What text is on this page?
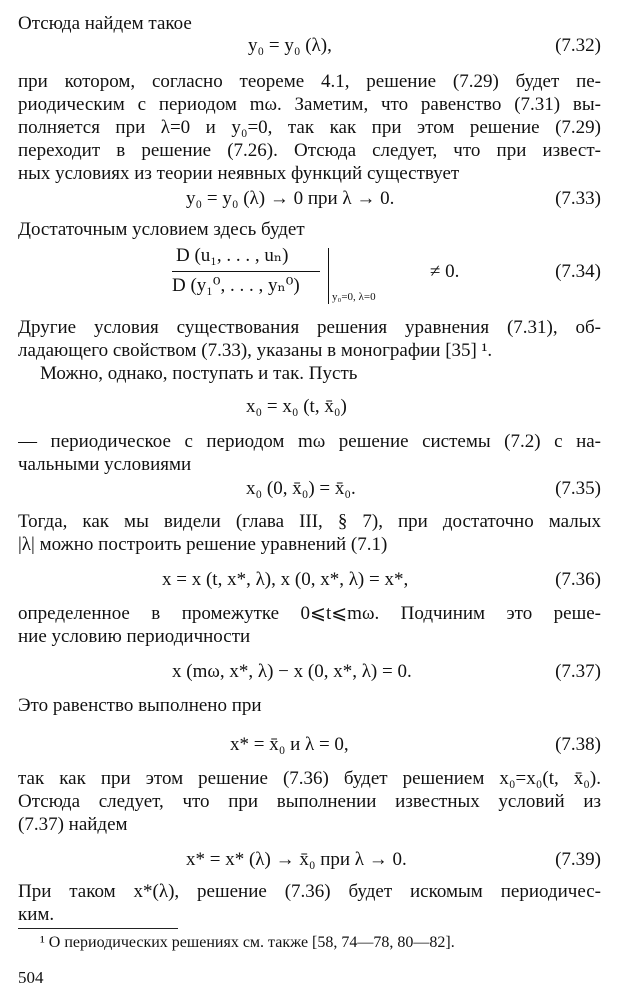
Отсюда найдем такое
y₀ = y₀ (λ),	(7.32)
при котором, согласно теореме 4.1, решение (7.29) будет пе-
риодическим с периодом mω. Заметим, что равенство (7.31) вы-
полняется при λ=0 и y₀=0, так как при этом решение (7.29)
переходит в решение (7.26). Отсюда следует, что при извест-
ных условиях из теории неявных функций существует
y₀ = y₀ (λ) → 0 при λ → 0.	(7.33)
Достаточным условием здесь будет
D (u₁, . . . , uₙ)
D (y₁⁰, . . . , yₙ⁰)
y₀=0, λ=0
≠ 0.	(7.34)
Другие условия существования решения уравнения (7.31), об-
ладающего свойством (7.33), указаны в монографии [35] ¹.
Можно, однако, поступать и так. Пусть
x₀ = x₀ (t, x̄₀)
— периодическое с периодом mω решение системы (7.2) с на-
чальными условиями
x₀ (0, x̄₀) = x̄₀.	(7.35)
Тогда, как мы видели (глава III, § 7), при достаточно малых
|λ| можно построить решение уравнений (7.1)
x = x (t, x*, λ), x (0, x*, λ) = x*,	(7.36)
определенное в промежутке 0⩽t⩽mω. Подчиним это реше-
ние условию периодичности
x (mω, x*, λ) − x (0, x*, λ) = 0.	(7.37)
Это равенство выполнено при
x* = x̄₀ и λ = 0,	(7.38)
так как при этом решение (7.36) будет решением x₀=x₀(t, x̄₀).
Отсюда следует, что при выполнении известных условий из
(7.37) найдем
x* = x* (λ) → x̄₀ при λ → 0.	(7.39)
При таком x*(λ), решение (7.36) будет искомым периодичес-
ким.
¹ О периодических решениях см. также [58, 74—78, 80—82].
504
